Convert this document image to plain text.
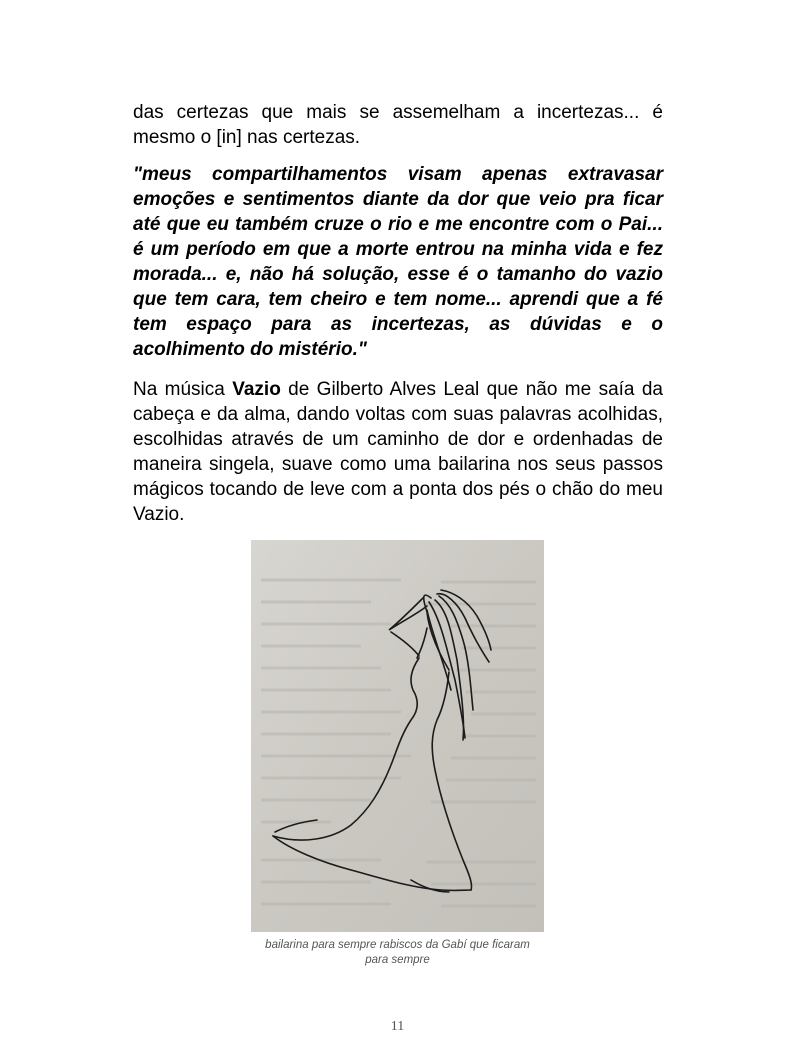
das certezas que mais se assemelham a incertezas... é mesmo o [in] nas certezas.
"meus compartilhamentos visam apenas extravasar emoções e sentimentos diante da dor que veio pra ficar até que eu também cruze o rio e me encontre com o Pai... é um período em que a morte entrou na minha vida e fez morada... e, não há solução, esse é o tamanho do vazio que tem cara, tem cheiro e tem nome... aprendi que a fé tem espaço para as incertezas, as dúvidas e o acolhimento do mistério."
Na música Vazio de Gilberto Alves Leal que não me saía da cabeça e da alma, dando voltas com suas palavras acolhidas, escolhidas através de um caminho de dor e ordenhadas de maneira singela, suave como uma bailarina nos seus passos mágicos tocando de leve com a ponta dos pés o chão do meu Vazio.
bailarina para sempre rabiscos da Gabí que ficaram
para sempre
11
